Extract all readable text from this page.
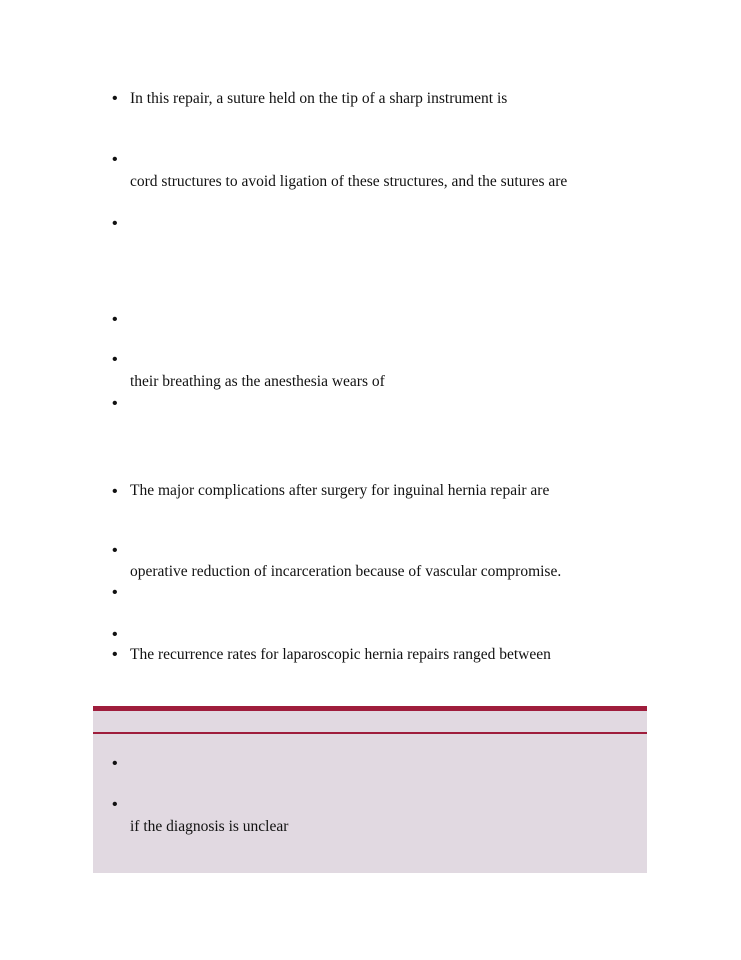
•
In this repair, a suture held on the tip of a sharp instrument is
•
cord structures to avoid ligation of these structures, and the sutures are
•
•
•
their breathing as the anesthesia wears of
•
•
The major complications after surgery for inguinal hernia repair are
•
operative reduction of incarceration because of vascular compromise.
•
•
•
The recurrence rates for laparoscopic hernia repairs ranged between
•
•
if the diagnosis is unclear
